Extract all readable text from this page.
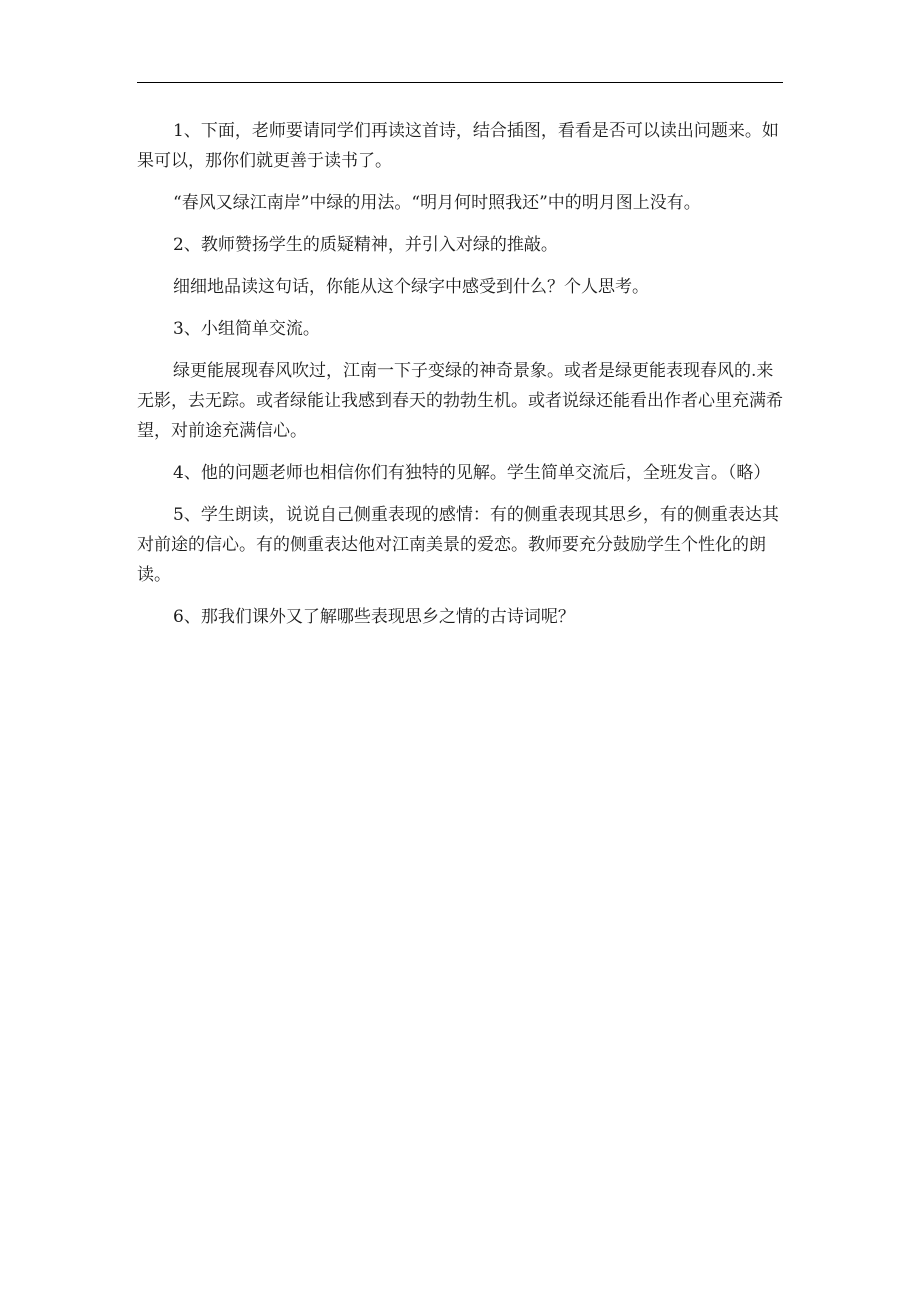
1、下面，老师要请同学们再读这首诗，结合插图，看看是否可以读出问题来。如果可以，那你们就更善于读书了。

“春风又绿江南岸”中绿的用法。“明月何时照我还”中的明月图上没有。

2、教师赞扬学生的质疑精神，并引入对绿的推敲。

细细地品读这句话，你能从这个绿字中感受到什么？个人思考。

3、小组简单交流。

绿更能展现春风吹过，江南一下子变绿的神奇景象。或者是绿更能表现春风的.来无影，去无踪。或者绿能让我感到春天的勃勃生机。或者说绿还能看出作者心里充满希望，对前途充满信心。

4、他的问题老师也相信你们有独特的见解。学生简单交流后，全班发言。（略）

5、学生朗读，说说自己侧重表现的感情：有的侧重表现其思乡，有的侧重表达其对前途的信心。有的侧重表达他对江南美景的爱恋。教师要充分鼓励学生个性化的朗读。

6、那我们课外又了解哪些表现思乡之情的古诗词呢？
